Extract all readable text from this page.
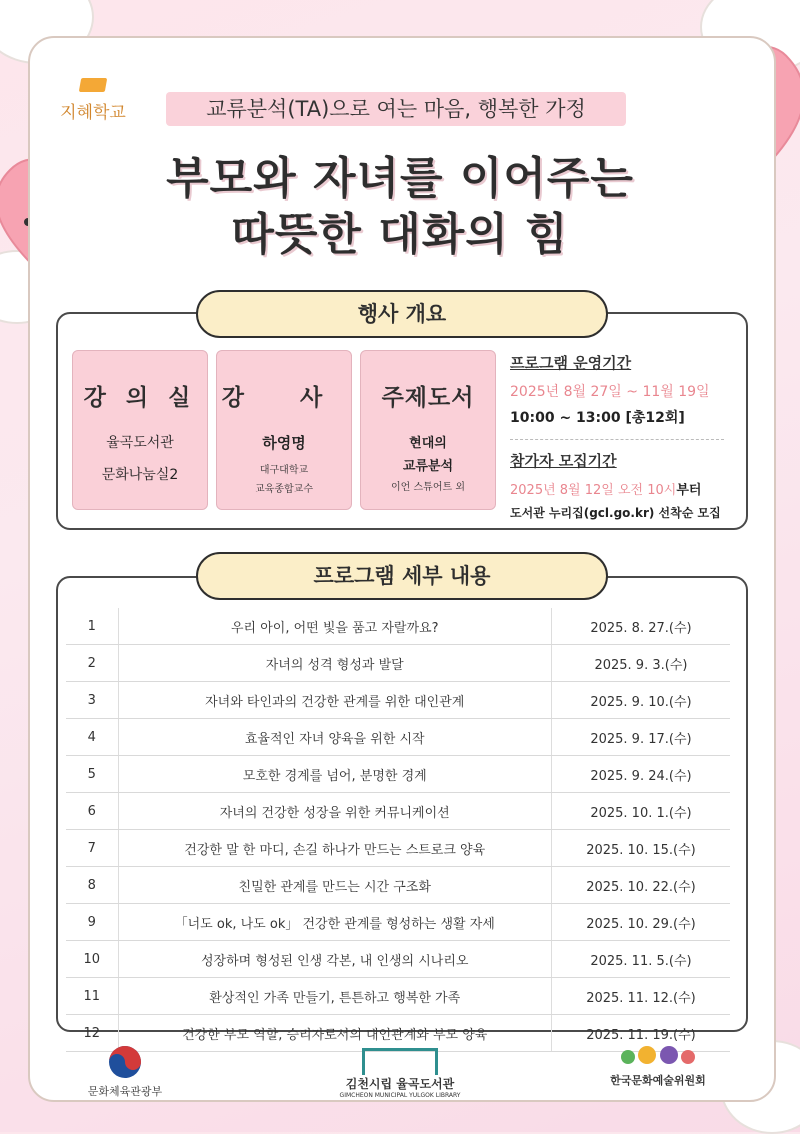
지혜학교	교류분석(TA)으로 여는 마음, 행복한 가정
부모와 자녀를 이어주는
따뜻한 대화의 힘
행사 개요
강 의 실
율곡도서관
문화나눔실2
강 사
하영명
대구대학교
교육종합교수
주제도서
현대의
교류분석
이언 스튜어트 외
프로그램 운영기간
2025년 8월 27일 ~ 11월 19일
10:00 ~ 13:00 [총12회]
참가자 모집기간
2025년 8월 12일 오전 10시부터
도서관 누리집(gcl.go.kr) 선착순 모집
프로그램 세부 내용
1	우리 아이, 어떤 빛을 품고 자랄까요?	2025. 8. 27.(수)
2	자녀의 성격 형성과 발달	2025. 9. 3.(수)
3	자녀와 타인과의 건강한 관계를 위한 대인관계	2025. 9. 10.(수)
4	효율적인 자녀 양육을 위한 시작	2025. 9. 17.(수)
5	모호한 경계를 넘어, 분명한 경계	2025. 9. 24.(수)
6	자녀의 건강한 성장을 위한 커뮤니케이션	2025. 10. 1.(수)
7	건강한 말 한 마디, 손길 하나가 만드는 스트로크 양육	2025. 10. 15.(수)
8	친밀한 관계를 만드는 시간 구조화	2025. 10. 22.(수)
9	「너도 ok, 나도 ok」 건강한 관계를 형성하는 생활 자세	2025. 10. 29.(수)
10	성장하며 형성된 인생 각본, 내 인생의 시나리오	2025. 11. 5.(수)
11	환상적인 가족 만들기, 튼튼하고 행복한 가족	2025. 11. 12.(수)
12	건강한 부모 역할, 승리자로서의 대인관계와 부모 양육	2025. 11. 19.(수)
문화체육관광부
김천시립 율곡도서관
GIMCHEON MUNICIPAL YULGOK LIBRARY

한국문화예술위원회
